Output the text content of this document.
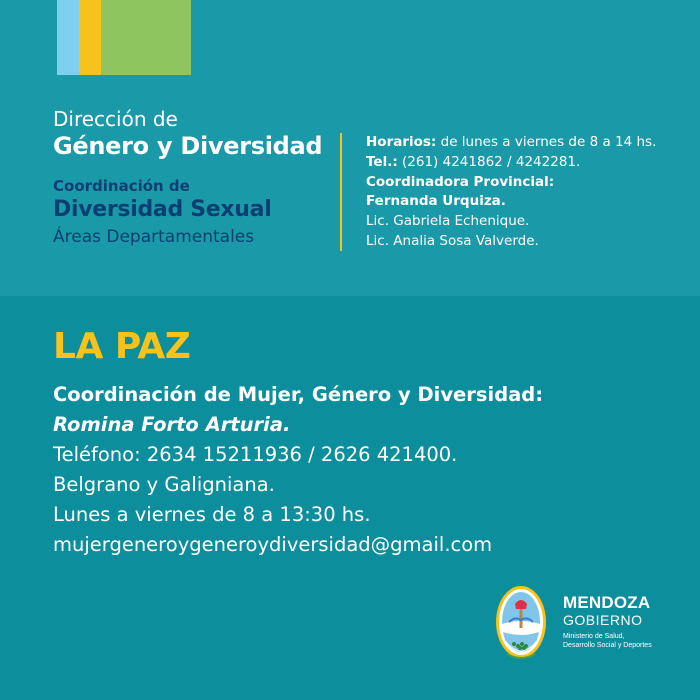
Dirección de
Género y Diversidad
Coordinación de
Diversidad Sexual
Áreas Departamentales
Horarios: de lunes a viernes de 8 a 14 hs.
Tel.: (261) 4241862 / 4242281.
Coordinadora Provincial:
Fernanda Urquiza.
Lic. Gabriela Echenique.
Lic. Analia Sosa Valverde.
LA PAZ
Coordinación de Mujer, Género y Diversidad:
Romina Forto Arturia.
Teléfono: 2634 15211936 / 2626 421400.
Belgrano y Galigniana.
Lunes a viernes de 8 a 13:30 hs.
mujergeneroygeneroydiversidad@gmail.com
MENDOZA
GOBIERNO
Ministerio de Salud,
Desarrollo Social y Deportes
